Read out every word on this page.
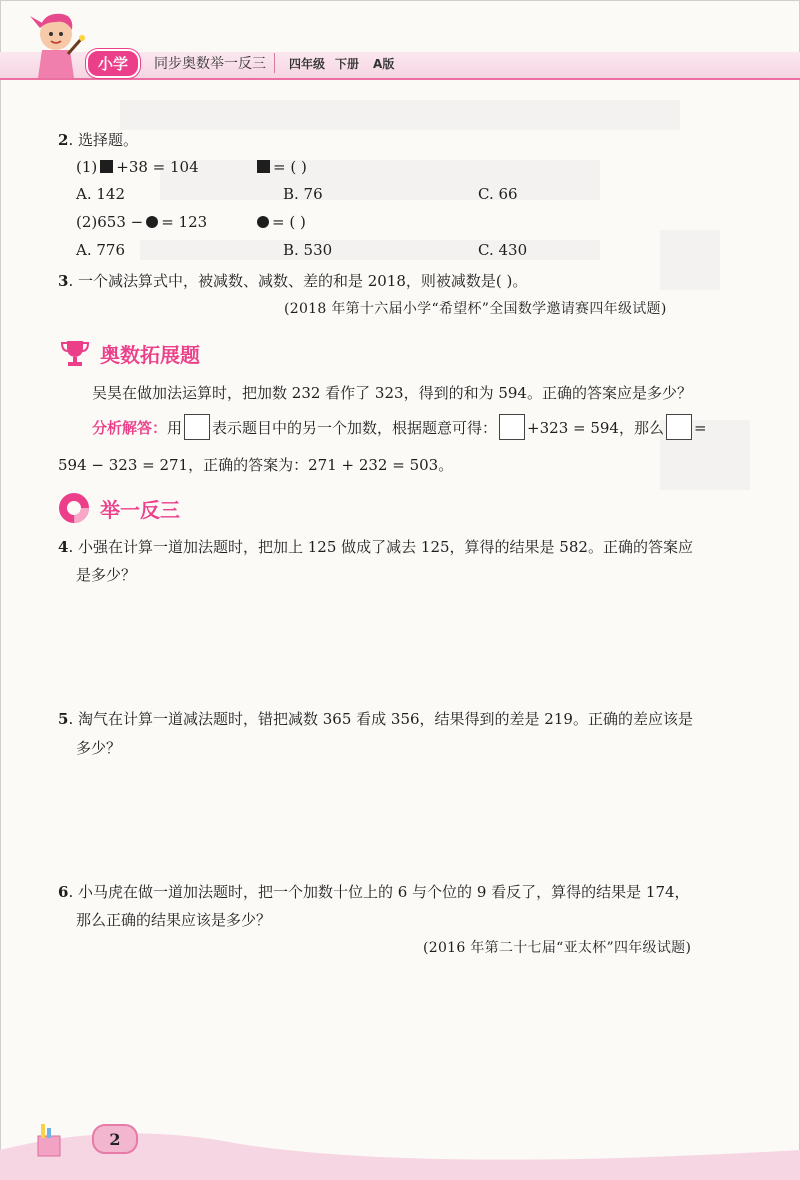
小学	同步奥数举一反三	四年级 下册 A版
2. 选择题。
(1) +38 = 104	= ( )
A. 142	B. 76	C. 66
(2)653 − = 123	= ( )
A. 776	B. 530	C. 430
3. 一个减法算式中，被减数、减数、差的和是 2018，则被减数是( )。
(2018 年第十六届小学“希望杯”全国数学邀请赛四年级试题)
奥数拓展题
吴昊在做加法运算时，把加数 232 看作了 323，得到的和为 594。正确的答案应是多少？
分析解答：用 表示题目中的另一个加数，根据题意可得： +323 = 594，那么 =
594 − 323 = 271，正确的答案为：271 + 232 = 503。
举一反三
4. 小强在计算一道加法题时，把加上 125 做成了减去 125，算得的结果是 582。正确的答案应
是多少？
5. 淘气在计算一道减法题时，错把减数 365 看成 356，结果得到的差是 219。正确的差应该是
多少？
6. 小马虎在做一道加法题时，把一个加数十位上的 6 与个位的 9 看反了，算得的结果是 174，
那么正确的结果应该是多少？
(2016 年第二十七届“亚太杯”四年级试题)
2
